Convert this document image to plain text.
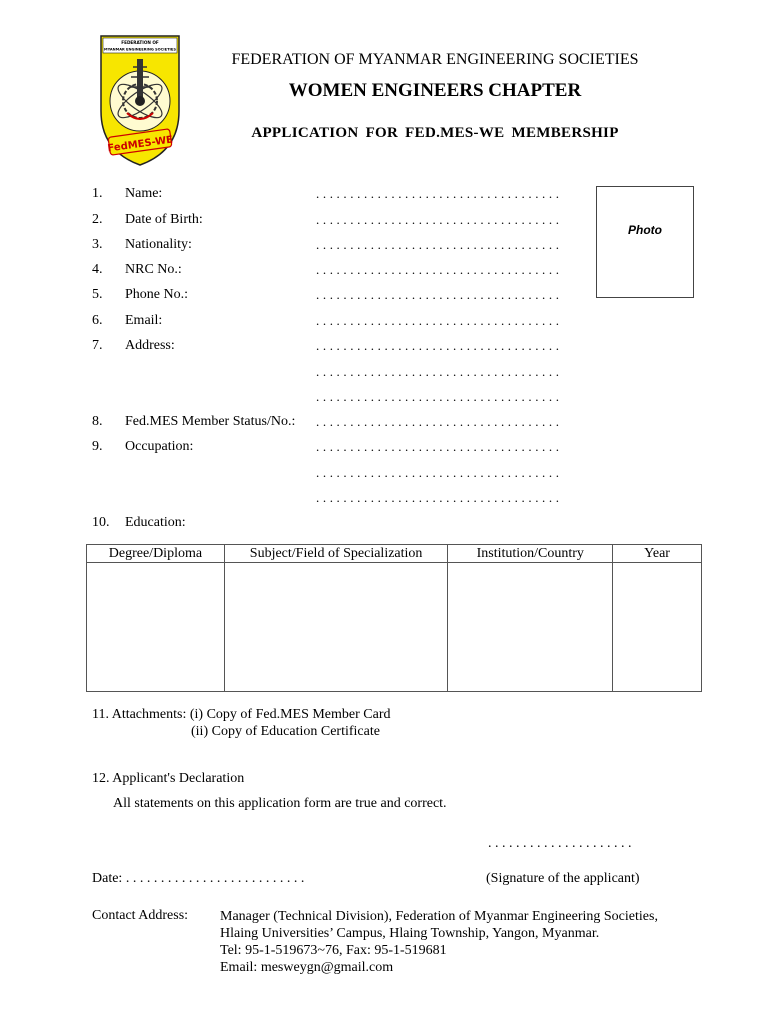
FEDERATION OF
MYANMAR ENGINEERING SOCIETIES
FedMES-WE
FEDERATION OF MYANMAR ENGINEERING SOCIETIES
WOMEN ENGINEERS CHAPTER
APPLICATION FOR FED.MES-WE MEMBERSHIP
Photo
1.	Name:	....................................
2.	Date of Birth:	....................................
3.	Nationality:	....................................
4.	NRC No.:	....................................
5.	Phone No.:	....................................
6.	Email:	....................................
7.	Address:	....................................
....................................
....................................
8.	Fed.MES Member Status/No.: ....................................
9.	Occupation:	....................................
....................................
....................................
10.	Education:
Degree/Diploma	Subject/Field of Specialization	Institution/Country	Year

11. Attachments: (i) Copy of Fed.MES Member Card
(ii) Copy of Education Certificate
12. Applicant's Declaration
All statements on this application form are true and correct.
. . . . . . . . . . . . . . . . . . . . .
Date: . . . . . . . . . . . . . . . . . . . . . . . . . .	(Signature of the applicant)
Contact Address: Manager (Technical Division), Federation of Myanmar Engineering Societies,
Hlaing Universities’ Campus, Hlaing Township, Yangon, Myanmar.
Tel: 95-1-519673~76, Fax: 95-1-519681
Email: mesweygn@gmail.com
